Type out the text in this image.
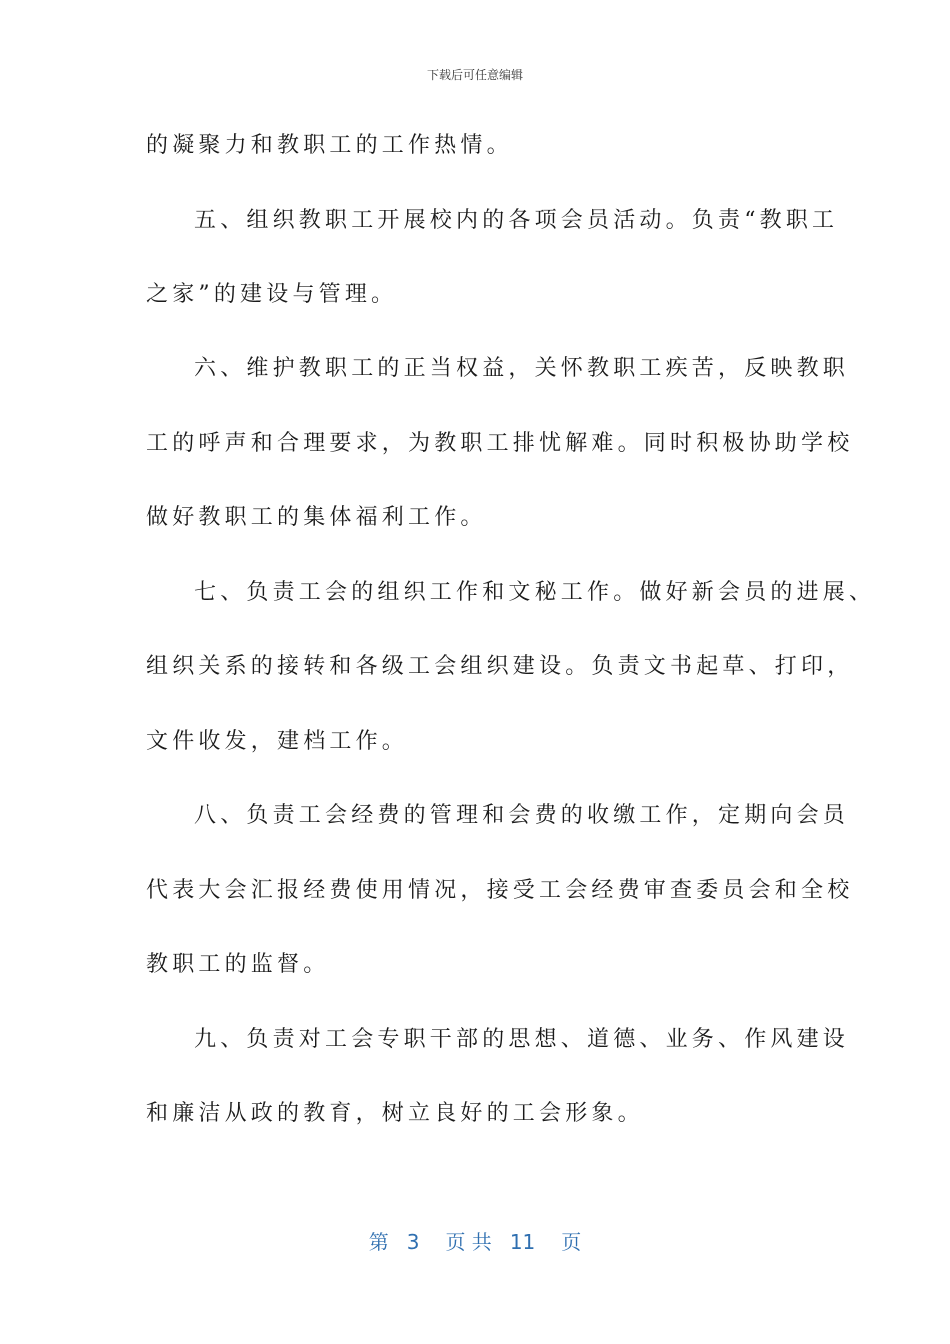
下载后可任意编辑
的凝聚力和教职工的工作热情。
五、组织教职工开展校内的各项会员活动。负责“教职工
之家”的建设与管理。
六、维护教职工的正当权益，关怀教职工疾苦，反映教职
工的呼声和合理要求，为教职工排忧解难。同时积极协助学校
做好教职工的集体福利工作。
七、负责工会的组织工作和文秘工作。做好新会员的进展、
组织关系的接转和各级工会组织建设。负责文书起草、打印，
文件收发，建档工作。
八、负责工会经费的管理和会费的收缴工作，定期向会员
代表大会汇报经费使用情况，接受工会经费审查委员会和全校
教职工的监督。
九、负责对工会专职干部的思想、道德、业务、作风建设
和廉洁从政的教育，树立良好的工会形象。
第 3 页 共 11 页
